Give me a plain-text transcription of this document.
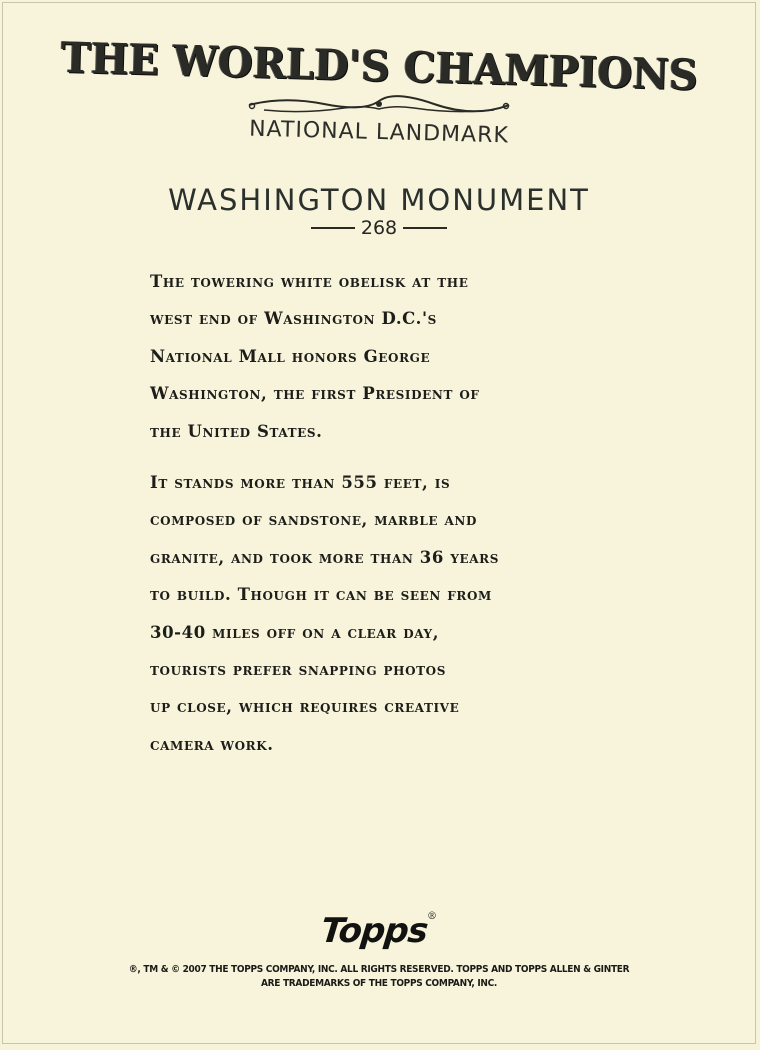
THE WORLD'S CHAMPIONS
NATIONAL LANDMARK
WASHINGTON MONUMENT
268

The towering white obelisk at the
west end of Washington D.C.'s
National Mall honors George
Washington, the first President of
the United States.

It stands more than 555 feet, is
composed of sandstone, marble and
granite, and took more than 36 years
to build. Though it can be seen from
30-40 miles off on a clear day,
tourists prefer snapping photos
up close, which requires creative
camera work.

Topps®
®, TM & © 2007 THE TOPPS COMPANY, INC. ALL RIGHTS RESERVED. TOPPS AND TOPPS ALLEN & GINTER
ARE TRADEMARKS OF THE TOPPS COMPANY, INC.
